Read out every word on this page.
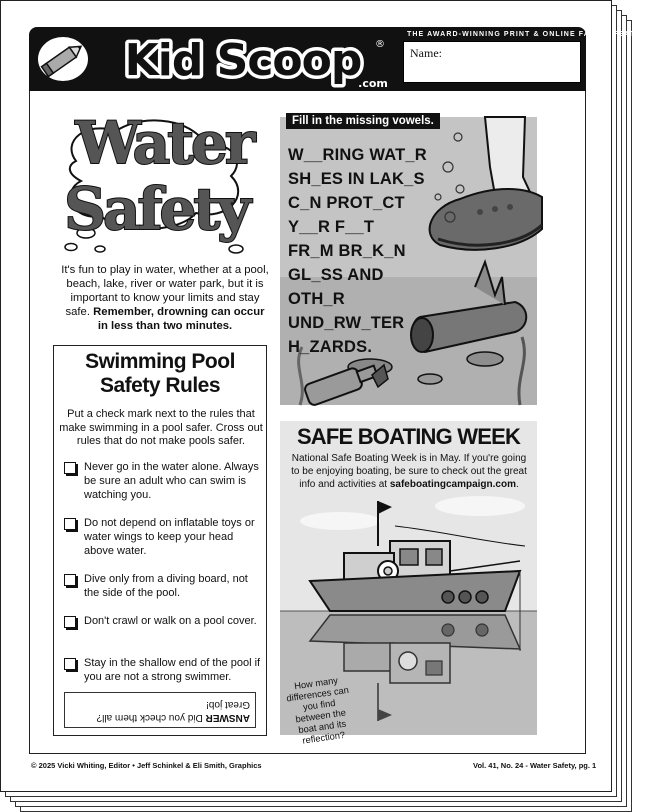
Kid Scoop ®
.com
THE AWARD-WINNING PRINT & ONLINE FAMILY FEATURE
Name:
Water
Safety

It's fun to play in water, whether at a pool, beach, lake, river or water park, but it is important to know your limits and stay safe. Remember, drowning can occur in less than two minutes.

Swimming Pool
Safety Rules
Put a check mark next to the rules that make swimming in a pool safer. Cross out rules that do not make pools safer.
Never go in the water alone. Always be sure an adult who can swim is watching you.
Do not depend on inflatable toys or water wings to keep your head above water.
Dive only from a diving board, not the side of the pool.
Don't crawl or walk on a pool cover.
Stay in the shallow end of the pool if you are not a strong swimmer.
ANSWER Did you check them all? Great job!
Fill in the missing vowels.
W__RING WAT_R
SH_ES IN LAK_S
C_N PROT_CT
Y__R F__T
FR_M BR_K_N
GL_SS AND
OTH_R
UND_RW_TER
H_ZARDS.
SAFE BOATING WEEK
National Safe Boating Week is in May. If you're going to be enjoying boating, be sure to check out the great info and activities at safeboatingcampaign.com.
How many differences can you find between the boat and its reflection?
© 2025 Vicki Whiting, Editor • Jeff Schinkel & Eli Smith, Graphics	Vol. 41, No. 24 - Water Safety, pg. 1
